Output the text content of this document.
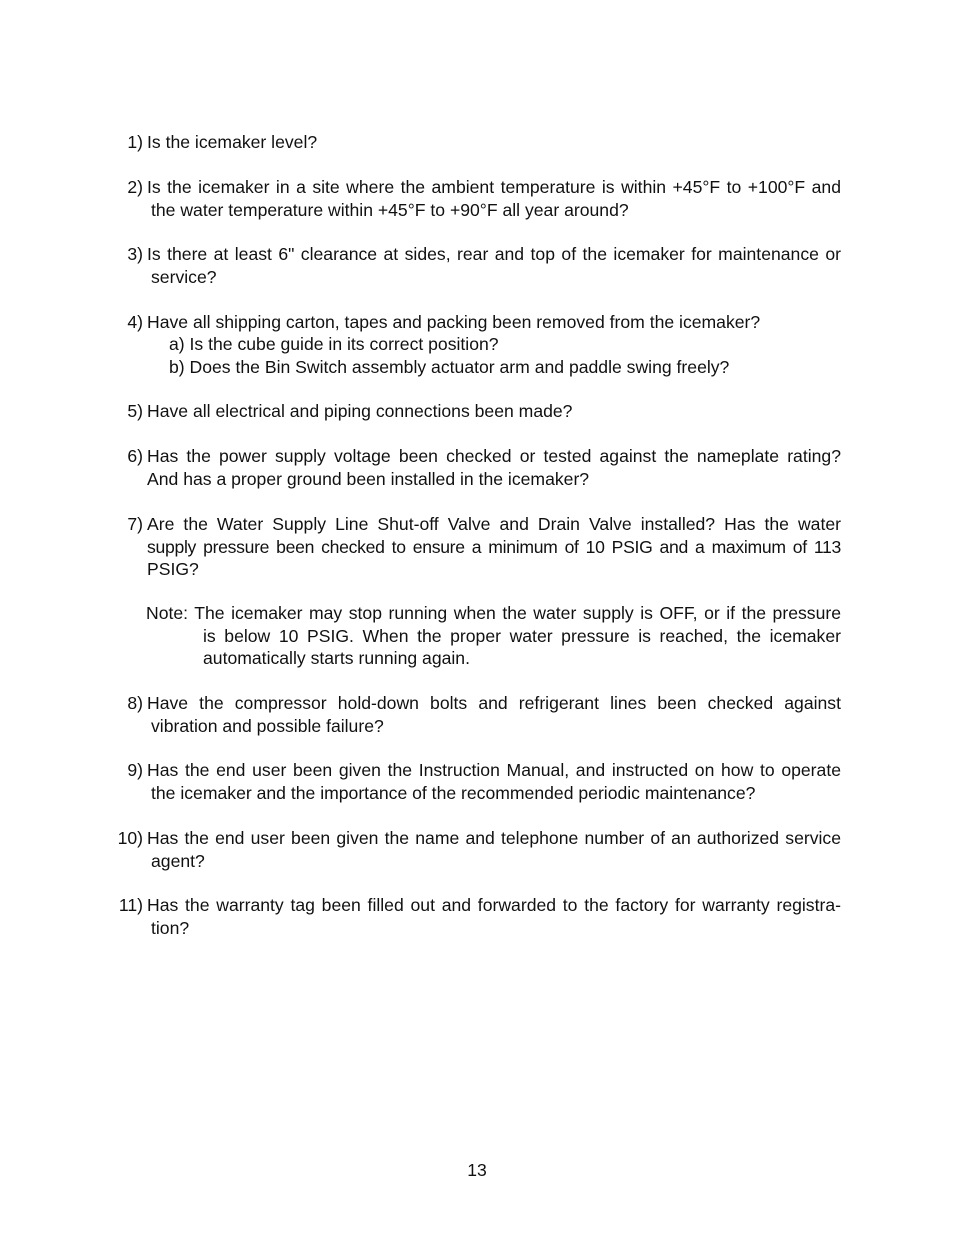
1) Is the icemaker level?
2) Is the icemaker in a site where the ambient temperature is within +45°F to +100°F and
the water temperature within +45°F to +90°F all year around?
3) Is there at least 6" clearance at sides, rear and top of the icemaker for maintenance or
service?
4) Have all shipping carton, tapes and packing been removed from the icemaker?
a) Is the cube guide in its correct position?
b) Does the Bin Switch assembly actuator arm and paddle swing freely?
5) Have all electrical and piping connections been made?
6) Has the power supply voltage been checked or tested against the nameplate rating?
And has a proper ground been installed in the icemaker?
7) Are the Water Supply Line Shut-off Valve and Drain Valve installed? Has the water
supply pressure been checked to ensure a minimum of 10 PSIG and a maximum of 113
PSIG?
Note: The icemaker may stop running when the water supply is OFF, or if the pressure
is below 10 PSIG. When the proper water pressure is reached, the icemaker
automatically starts running again.
8) Have the compressor hold-down bolts and refrigerant lines been checked against
vibration and possible failure?
9) Has the end user been given the Instruction Manual, and instructed on how to operate
the icemaker and the importance of the recommended periodic maintenance?
10) Has the end user been given the name and telephone number of an authorized service
agent?
11) Has the warranty tag been filled out and forwarded to the factory for warranty registra-
tion?
13
